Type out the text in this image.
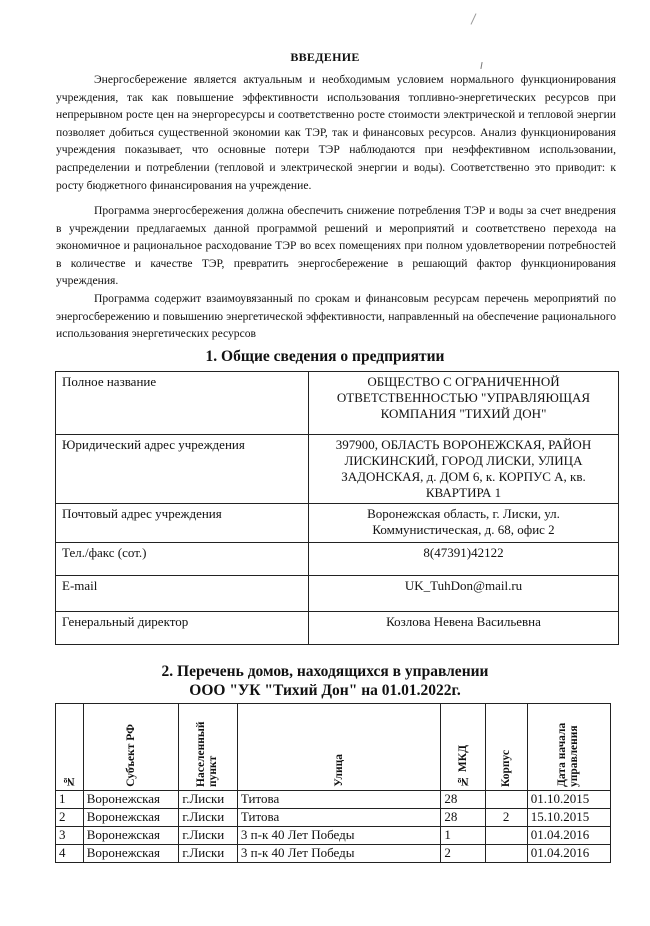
ВВЕДЕНИЕ

Энергосбережение является актуальным и необходимым условием нормального функционирования учреждения, так как повышение эффективности использования топливно-энергетических ресурсов при непрерывном росте цен на энергоресурсы и соответственно росте стоимости электрической и тепловой энергии позволяет добиться существенной экономии как ТЭР, так и финансовых ресурсов. Анализ функционирования учреждения показывает, что основные потери ТЭР наблюдаются при неэффективном использовании, распределении и потреблении (тепловой и электрической энергии и воды). Соответственно это приводит: к росту бюджетного финансирования на учреждение.

Программа энергосбережения должна обеспечить снижение потребления ТЭР и воды за счет внедрения в учреждении предлагаемых данной программой решений и мероприятий и соответствено перехода на экономичное и рациональное расходование ТЭР во всех помещениях при полном удовлетворении потребностей в количестве и качестве ТЭР, превратить энергосбережение в решающий фактор функционирования учреждения.

Программа содержит взаимоувязанный по срокам и финансовым ресурсам перечень мероприятий по энергосбережению и повышению энергетической эффективности, направленный на обеспечение рационального использования энергетических ресурсов

1. Общие сведения о предприятии
Полное название	ОБЩЕСТВО С ОГРАНИЧЕННОЙ ОТВЕТСТВЕННОСТЬЮ "УПРАВЛЯЮЩАЯ КОМПАНИЯ "ТИХИЙ ДОН"
Юридический адрес учреждения	397900, ОБЛАСТЬ ВОРОНЕЖСКАЯ, РАЙОН ЛИСКИНСКИЙ, ГОРОД ЛИСКИ, УЛИЦА ЗАДОНСКАЯ, д. ДОМ 6, к. КОРПУС А, кв. КВАРТИРА 1
Почтовый адрес учреждения	Воронежская область, г. Лиски, ул. Коммунистическая, д. 68, офис 2
Тел./факс (сот.)	8(47391)42122
E-mail	UK_TuhDon@mail.ru
Генеральный директор	Козлова Невена Васильевна
2. Перечень домов, находящихся в управлении
ООО "УК "Тихий Дон" на 01.01.2022г.
№	Субъект РФ	Населенный пункт	Улица	№ МКД	Корпус	Дата начала управления

1	Воронежская	г.Лиски	Титова	28		01.10.2015
2	Воронежская	г.Лиски	Титова	28	2	15.10.2015
3	Воронежская	г.Лиски	3 п-к 40 Лет Победы	1		01.04.2016
4	Воронежская	г.Лиски	3 п-к 40 Лет Победы	2		01.04.2016
